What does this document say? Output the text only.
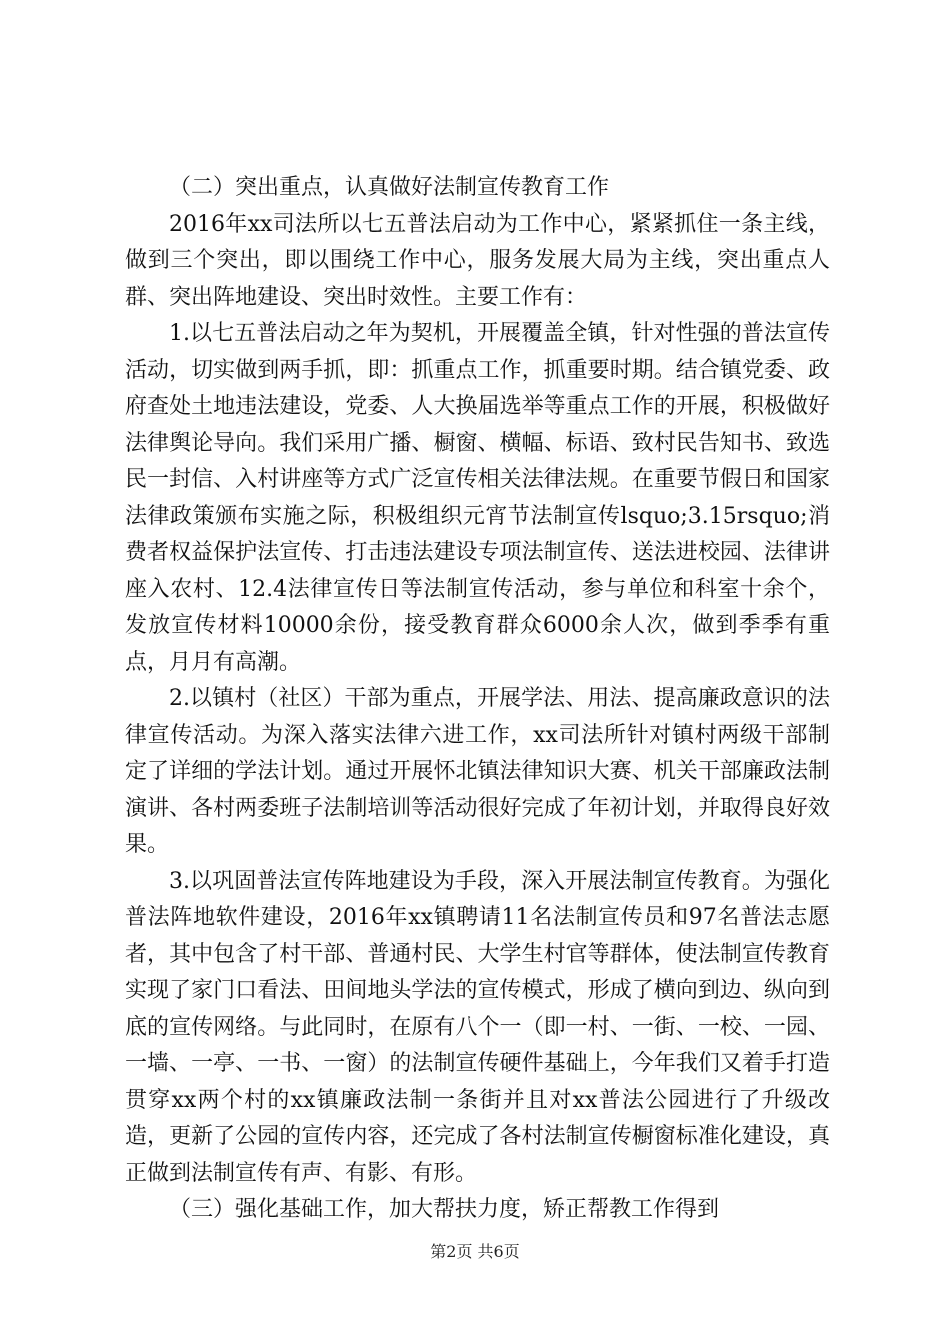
（二）突出重点，认真做好法制宣传教育工作

2016年xx司法所以七五普法启动为工作中心，紧紧抓住一条主线，做到三个突出，即以围绕工作中心，服务发展大局为主线，突出重点人群、突出阵地建设、突出时效性。主要工作有：

1.以七五普法启动之年为契机，开展覆盖全镇，针对性强的普法宣传活动，切实做到两手抓，即：抓重点工作，抓重要时期。结合镇党委、政府查处土地违法建设，党委、人大换届选举等重点工作的开展，积极做好法律舆论导向。我们采用广播、橱窗、横幅、标语、致村民告知书、致选民一封信、入村讲座等方式广泛宣传相关法律法规。在重要节假日和国家法律政策颁布实施之际，积极组织元宵节法制宣传lsquo;3.15rsquo;消费者权益保护法宣传、打击违法建设专项法制宣传、送法进校园、法律讲座入农村、12.4法律宣传日等法制宣传活动，参与单位和科室十余个，发放宣传材料10000余份，接受教育群众6000余人次，做到季季有重点，月月有高潮。

2.以镇村（社区）干部为重点，开展学法、用法、提高廉政意识的法律宣传活动。为深入落实法律六进工作，xx司法所针对镇村两级干部制定了详细的学法计划。通过开展怀北镇法律知识大赛、机关干部廉政法制演讲、各村两委班子法制培训等活动很好完成了年初计划，并取得良好效果。

3.以巩固普法宣传阵地建设为手段，深入开展法制宣传教育。为强化普法阵地软件建设，2016年xx镇聘请11名法制宣传员和97名普法志愿者，其中包含了村干部、普通村民、大学生村官等群体，使法制宣传教育实现了家门口看法、田间地头学法的宣传模式，形成了横向到边、纵向到底的宣传网络。与此同时，在原有八个一（即一村、一街、一校、一园、一墙、一亭、一书、一窗）的法制宣传硬件基础上，今年我们又着手打造贯穿xx两个村的xx镇廉政法制一条街并且对xx普法公园进行了升级改造，更新了公园的宣传内容，还完成了各村法制宣传橱窗标准化建设，真正做到法制宣传有声、有影、有形。

（三）强化基础工作，加大帮扶力度，矫正帮教工作得到

第2页 共6页
